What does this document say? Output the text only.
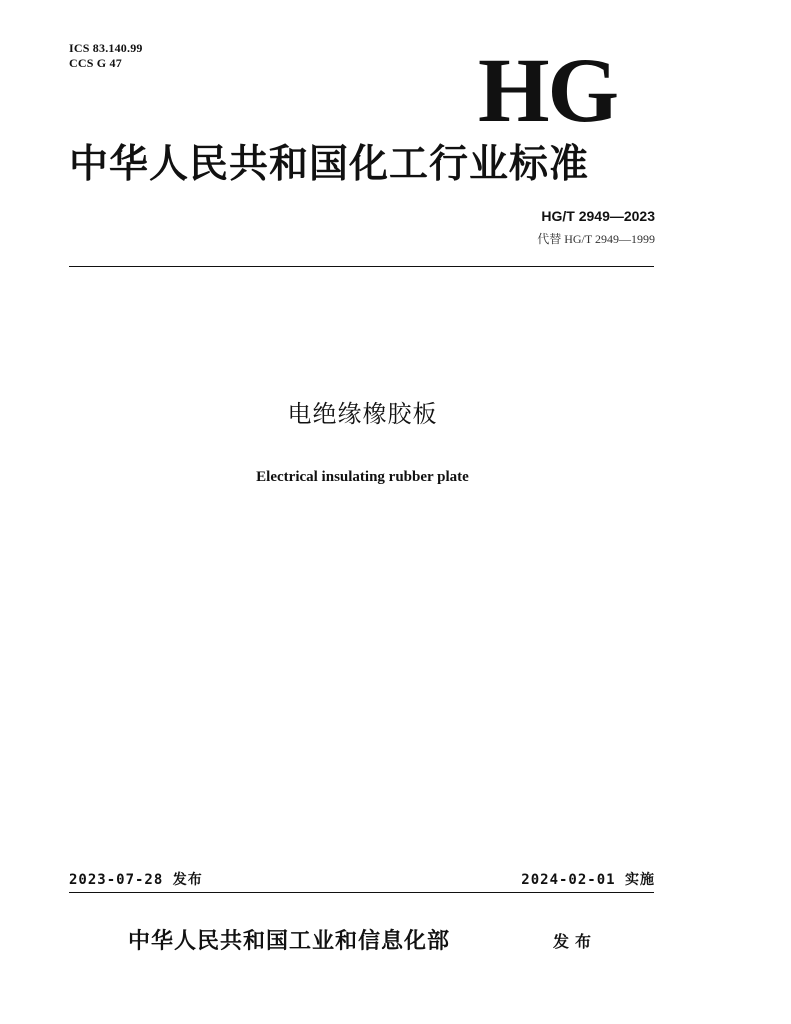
ICS 83.140.99
CCS G 47	HG
中华人民共和国化工行业标准
HG/T 2949—2023
代替 HG/T 2949—1999
电绝缘橡胶板
Electrical insulating rubber plate
2023-07-28 发布	2024-02-01 实施
中华人民共和国工业和信息化部	发布
